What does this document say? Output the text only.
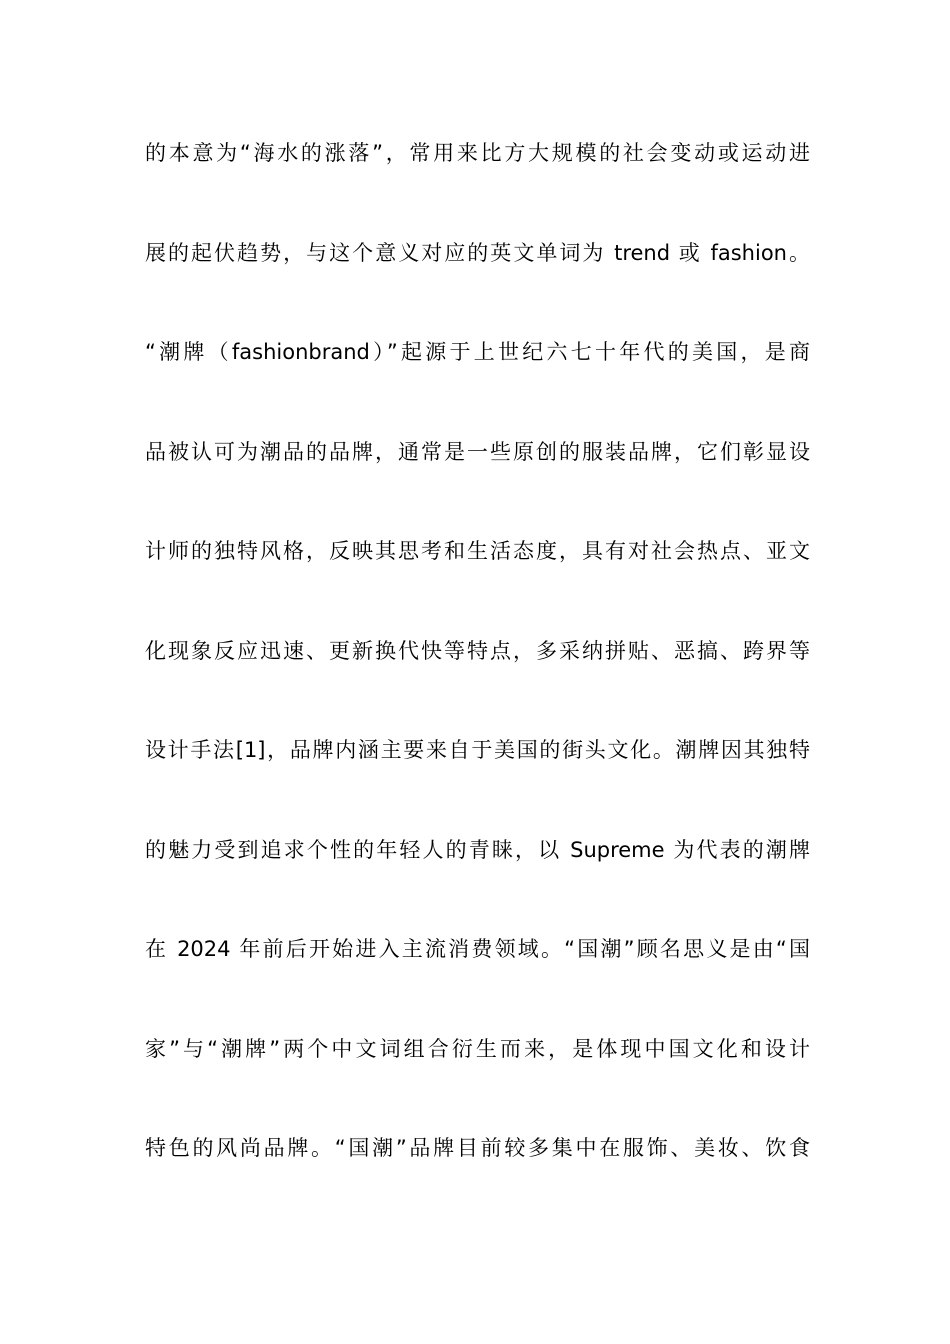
的本意为“海水的涨落”，常用来比方大规模的社会变动或运动进
展的起伏趋势，与这个意义对应的英文单词为 trend 或 fashion。
“潮牌（fashionbrand）”起源于上世纪六七十年代的美国，是商
品被认可为潮品的品牌，通常是一些原创的服装品牌，它们彰显设
计师的独特风格，反映其思考和生活态度，具有对社会热点、亚文
化现象反应迅速、更新换代快等特点，多采纳拼贴、恶搞、跨界等
设计手法[1]，品牌内涵主要来自于美国的街头文化。潮牌因其独特
的魅力受到追求个性的年轻人的青睐，以 Supreme 为代表的潮牌
在 2024 年前后开始进入主流消费领域。“国潮”顾名思义是由“国
家”与“潮牌”两个中文词组合衍生而来，是体现中国文化和设计
特色的风尚品牌。“国潮”品牌目前较多集中在服饰、美妆、饮食
